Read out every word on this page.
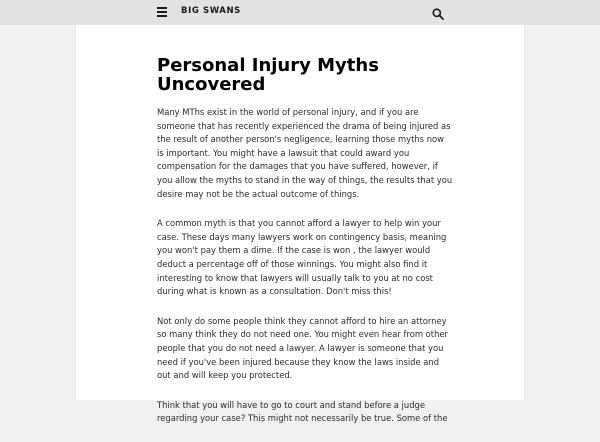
BIG SWANS
Personal Injury Myths Uncovered

Many MThs exist in the world of personal injury, and if you are someone that has recently experienced the drama of being injured as the result of another person's negligence, learning those myths now is important. You might have a lawsuit that could award you compensation for the damages that you have suffered, however, if you allow the myths to stand in the way of things, the results that you desire may not be the actual outcome of things.

A common myth is that you cannot afford a lawyer to help win your case. These days many lawyers work on contingency basis, meaning you won't pay them a dime. If the case is won , the lawyer would deduct a percentage off of those winnings. You might also find it interesting to know that lawyers will usually talk to you at no cost during what is known as a consultation. Don't miss this!

Not only do some people think they cannot afford to hire an attorney so many think they do not need one. You might even hear from other people that you do not need a lawyer. A lawyer is someone that you need if you've been injured because they know the laws inside and out and will keep you protected.

Think that you will have to go to court and stand before a judge regarding your case? This might not necessarily be true. Some of the
